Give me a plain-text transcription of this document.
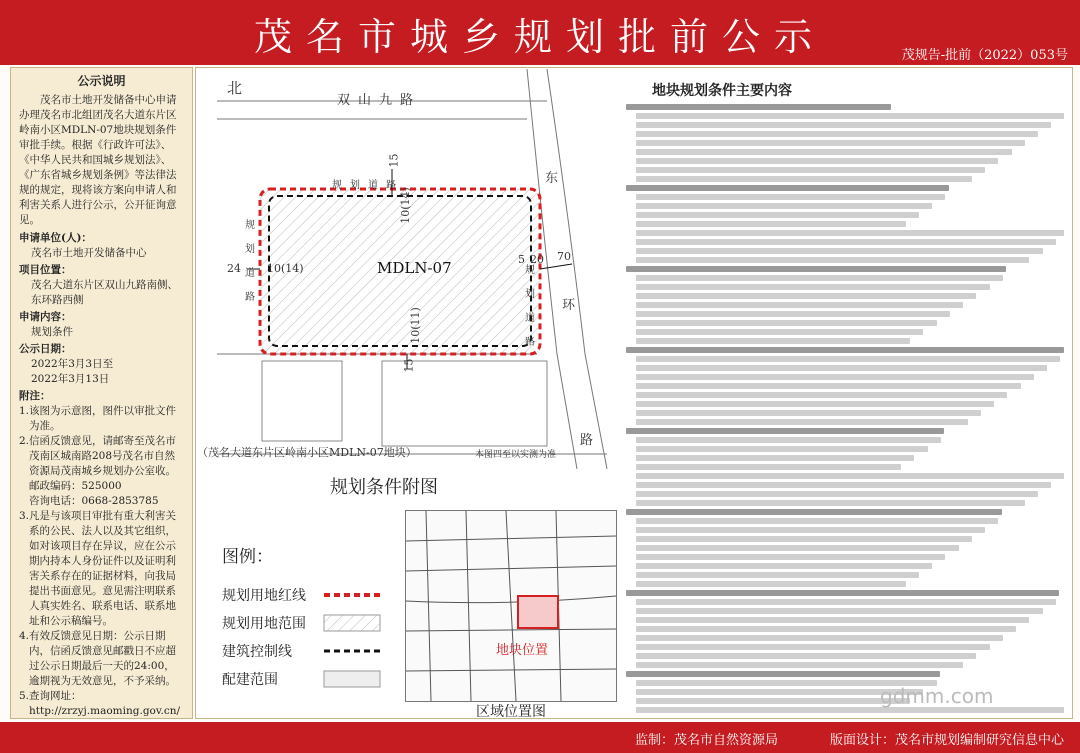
茂名市城乡规划批前公示	茂规告-批前（2022）053号
公示说明

茂名市土地开发储备中心申请办理茂名市北组团茂名大道东片区岭南小区MDLN-07地块规划条件审批手续。根据《行政许可法》、《中华人民共和国城乡规划法》、《广东省城乡规划条例》等法律法规的规定，现将该方案向申请人和利害关系人进行公示，公开征询意见。

申请单位(人)：
茂名市土地开发储备中心
项目位置：
茂名大道东片区双山九路南侧、东环路西侧
申请内容：
规划条件
公示日期：
2022年3月3日至
2022年3月13日
附注：

1.该图为示意图，图件以审批文件为准。

2.信函反馈意见，请邮寄至茂名市茂南区城南路208号茂名市自然资源局茂南城乡规划办公室收。

邮政编码：525000

咨询电话：0668-2853785

3.凡是与该项目审批有重大利害关系的公民、法人以及其它组织，如对该项目存在异议，应在公示期内持本人身份证件以及证明利害关系存在的证据材料，向我局提出书面意见。意见需注明联系人真实姓名、联系电话、联系地址和公示稿编号。

4.有效反馈意见日期：公示日期内，信函反馈意见邮戳日不应超过公示日期最后一天的24:00，逾期视为无效意见，不予采纳。

5.查询网址：

http://zrzyj.maoming.gov.cn/

北
双山九路
东
环
路
规划道路
规划道路
规划道路
MDLN-07
10(14)
15
24 10(14)
5 20 70
15
10(11)
（茂名大道东片区岭南小区MDLN-07地块）	本图四至以实测为准
规划条件附图
图例：
规划用地红线
规划用地范围
建筑控制线
配建范围
地块位置
区域位置图
地块规划条件主要内容
gdmm.com
监制：茂名市自然资源局	版面设计：茂名市规划编制研究信息中心
